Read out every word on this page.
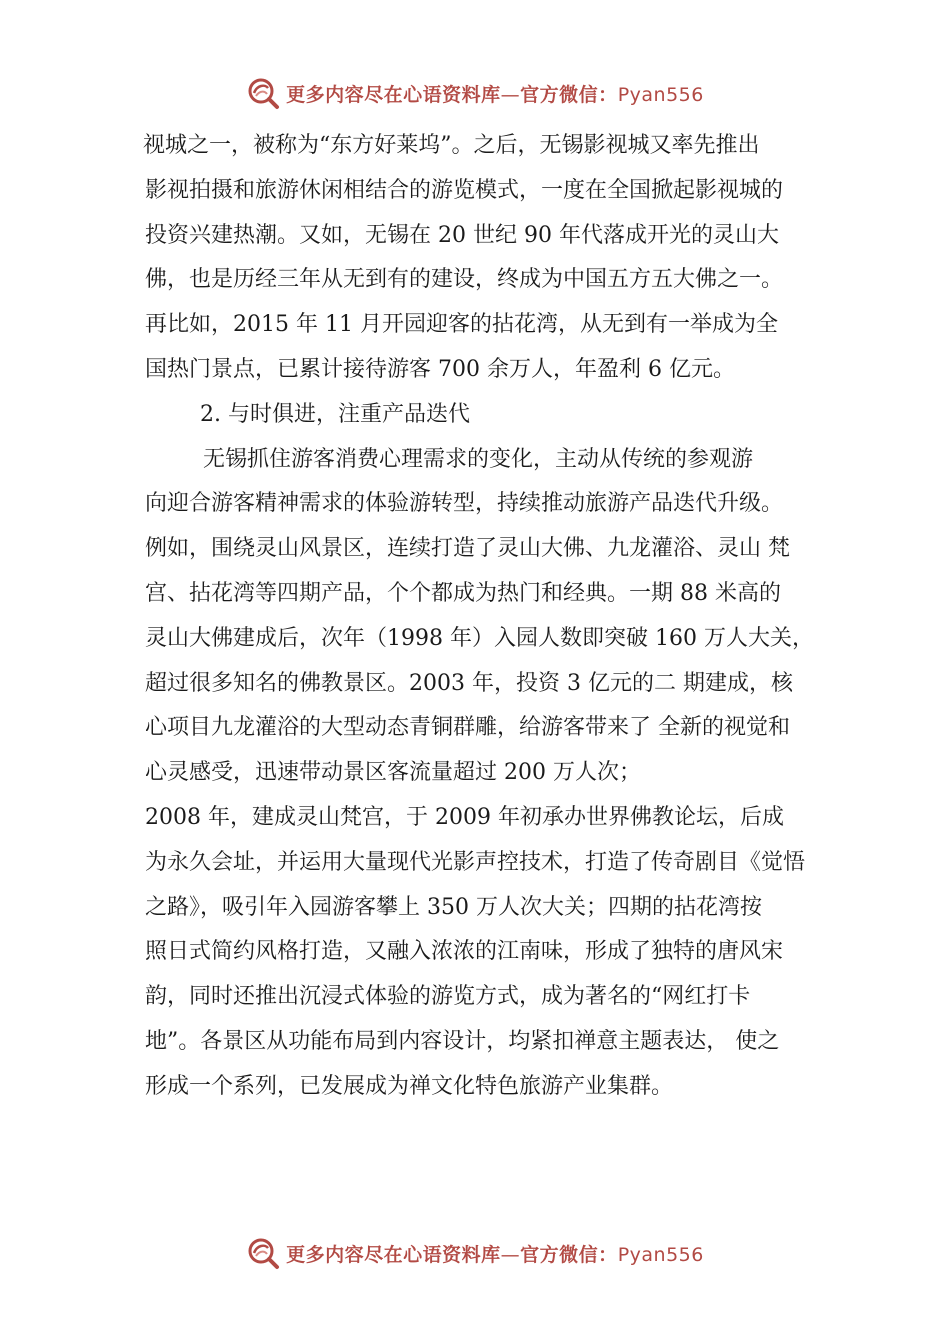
更多内容尽在心语资料库—官方微信：Pyan556
视城之一，被称为“东方好莱坞”。之后，无锡影视城又率先推出
影视拍摄和旅游休闲相结合的游览模式，一度在全国掀起影视城的
投资兴建热潮。又如，无锡在 20 世纪 90 年代落成开光的灵山大
佛，也是历经三年从无到有的建设，终成为中国五方五大佛之一。
再比如，2015 年 11 月开园迎客的拈花湾，从无到有一举成为全
国热门景点，已累计接待游客 700 余万人，年盈利 6 亿元。
2. 与时俱进，注重产品迭代
无锡抓住游客消费心理需求的变化，主动从传统的参观游
向迎合游客精神需求的体验游转型，持续推动旅游产品迭代升级。
例如，围绕灵山风景区，连续打造了灵山大佛、九龙灌浴、灵山 梵
宫、拈花湾等四期产品，个个都成为热门和经典。一期 88 米高的
灵山大佛建成后，次年（1998 年）入园人数即突破 160 万人大关，
超过很多知名的佛教景区。2003 年，投资 3 亿元的二 期建成，核
心项目九龙灌浴的大型动态青铜群雕，给游客带来了 全新的视觉和
心灵感受，迅速带动景区客流量超过 200 万人次；
2008 年，建成灵山梵宫，于 2009 年初承办世界佛教论坛，后成
为永久会址，并运用大量现代光影声控技术，打造了传奇剧目《觉悟
之路》，吸引年入园游客攀上 350 万人次大关；四期的拈花湾按
照日式简约风格打造，又融入浓浓的江南味，形成了独特的唐风宋
韵，同时还推出沉浸式体验的游览方式，成为著名的“网红打卡
地”。各景区从功能布局到内容设计，均紧扣禅意主题表达， 使之
形成一个系列，已发展成为禅文化特色旅游产业集群。
更多内容尽在心语资料库—官方微信：Pyan556
